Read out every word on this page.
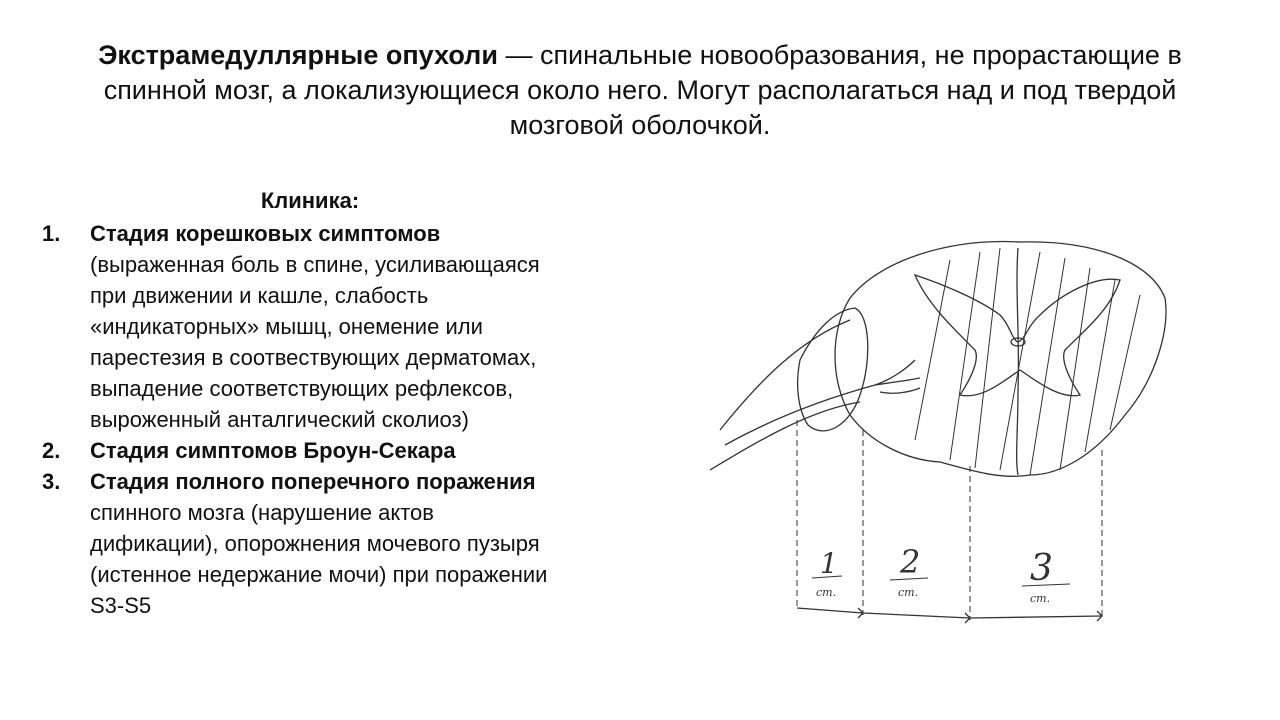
Экстрамедуллярные опухоли — спинальные новообразования, не прорастающие в спинной мозг, а локализующиеся около него. Могут располагаться над и под твердой мозговой оболочкой.
Клиника:
1. Стадия корешковых симптомов
(выраженная боль в спине, усиливающаяся при движении и кашле, слабость «индикаторных» мышц, онемение или парестезия в соотвествующих дерматомах, выпадение соответствующих рефлексов, выроженный анталгический сколиоз)
2. Стадия симптомов Броун-Секара
3. Стадия полного поперечного поражения спинного мозга (нарушение актов дификации), опорожнения мочевого пузыря (истенное недержание мочи) при поражении S3-S5
1
ст.
2
ст.
3
ст.
